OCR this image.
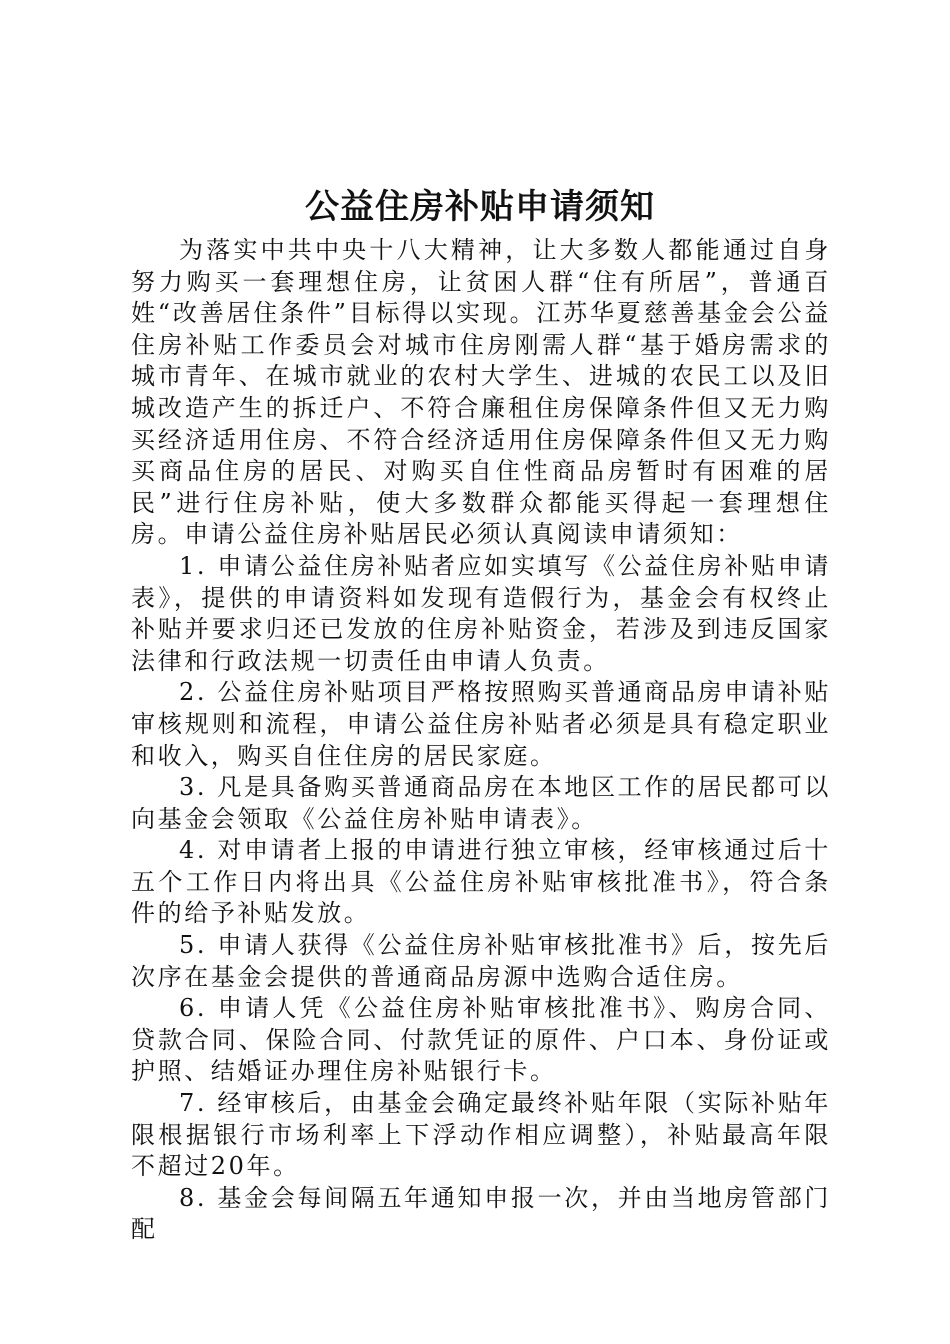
公益住房补贴申请须知

为落实中共中央十八大精神，让大多数人都能通过自身努力购买一套理想住房，让贫困人群“住有所居”，普通百姓“改善居住条件”目标得以实现。江苏华夏慈善基金会公益住房补贴工作委员会对城市住房刚需人群“基于婚房需求的城市青年、在城市就业的农村大学生、进城的农民工以及旧城改造产生的拆迁户、不符合廉租住房保障条件但又无力购买经济适用住房、不符合经济适用住房保障条件但又无力购买商品住房的居民、对购买自住性商品房暂时有困难的居民”进行住房补贴，使大多数群众都能买得起一套理想住房。申请公益住房补贴居民必须认真阅读申请须知：

1. 申请公益住房补贴者应如实填写《公益住房补贴申请表》，提供的申请资料如发现有造假行为，基金会有权终止补贴并要求归还已发放的住房补贴资金，若涉及到违反国家法律和行政法规一切责任由申请人负责。

2. 公益住房补贴项目严格按照购买普通商品房申请补贴审核规则和流程，申请公益住房补贴者必须是具有稳定职业和收入，购买自住住房的居民家庭。

3. 凡是具备购买普通商品房在本地区工作的居民都可以向基金会领取《公益住房补贴申请表》。

4. 对申请者上报的申请进行独立审核，经审核通过后十五个工作日内将出具《公益住房补贴审核批准书》，符合条件的给予补贴发放。

5. 申请人获得《公益住房补贴审核批准书》后，按先后次序在基金会提供的普通商品房源中选购合适住房。

6. 申请人凭《公益住房补贴审核批准书》、购房合同、贷款合同、保险合同、付款凭证的原件、户口本、身份证或护照、结婚证办理住房补贴银行卡。

7. 经审核后，由基金会确定最终补贴年限（实际补贴年限根据银行市场利率上下浮动作相应调整），补贴最高年限不超过20年。

8. 基金会每间隔五年通知申报一次，并由当地房管部门配
